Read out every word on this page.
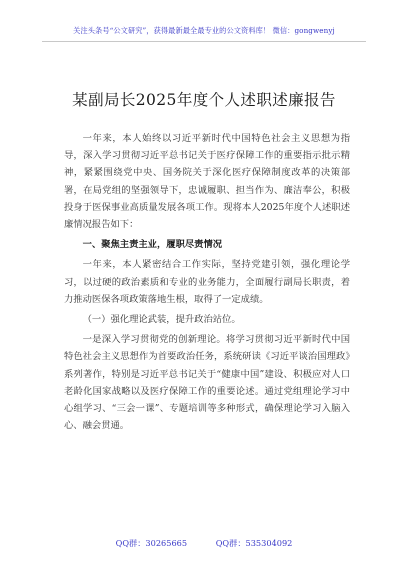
关注头条号“公文研究”，获得最新最全最专业的公文资料库！ 微信：gongwenyj
某副局长2025年度个人述职述廉报告

一年来，本人始终以习近平新时代中国特色社会主义思想为指导，深入学习贯彻习近平总书记关于医疗保障工作的重要指示批示精神，紧紧围绕党中央、国务院关于深化医疗保障制度改革的决策部署，在局党组的坚强领导下，忠诚履职、担当作为、廉洁奉公，积极投身于医保事业高质量发展各项工作。现将本人2025年度个人述职述廉情况报告如下：

一、聚焦主责主业，履职尽责情况

一年来，本人紧密结合工作实际，坚持党建引领，强化理论学习，以过硬的政治素质和专业的业务能力，全面履行副局长职责，着力推动医保各项政策落地生根，取得了一定成绩。

（一）强化理论武装，提升政治站位。

一是深入学习贯彻党的创新理论。将学习贯彻习近平新时代中国特色社会主义思想作为首要政治任务，系统研读《习近平谈治国理政》系列著作，特别是习近平总书记关于“健康中国”建设、积极应对人口老龄化国家战略以及医疗保障工作的重要论述。通过党组理论学习中心组学习、“三会一课”、专题培训等多种形式，确保理论学习入脑入心、融会贯通。

QQ群：30265665	QQ群：535304092
